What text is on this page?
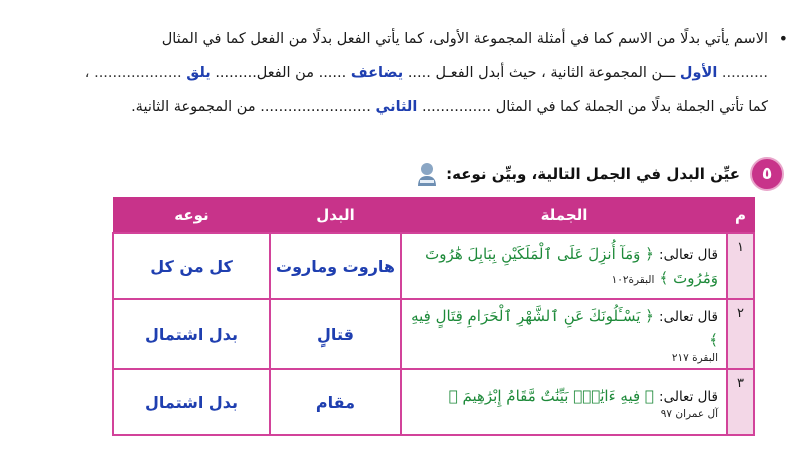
•
الاسم يأتي بدلًا من الاسم كما في أمثلة المجموعة الأولى، كما يأتي الفعل بدلًا من الفعل كما في المثال
.......... الأول ـــن المجموعة الثانية ، حيث أبدل الفعـل ..... يضاعف ...... من الفعل......... يلق ................... ،
كما تأتي الجملة بدلًا من الجملة كما في المثال ............... الثاني ........................ من المجموعة الثانية.
٥
عيِّن البدل في الجمل التالية، وبيِّن نوعه:
م	الجملة	البدل	نوعه
١	قال تعالى: ﴿ وَمَآ أُنزِلَ عَلَى ٱلْمَلَكَيْنِ بِبَابِلَ هَٰرُوتَ وَمَٰرُوتَ ﴾ البقرة١٠٢	هاروت وماروت	كل من كل
٢	قال تعالى: ﴿ يَسْـَٔلُونَكَ عَنِ ٱلشَّهْرِ ٱلْحَرَامِ قِتَالٍ فِيهِ ﴾
البقرة ٢١٧	قتالٍ	بدل اشتمال
٣	قال تعالى: ﴿ فِيهِ ءَايَٰتٌۢ بَيِّنَٰتٌ مَّقَامُ إِبْرَٰهِيمَ ﴾
آل عمران ٩٧	مقام	بدل اشتمال
